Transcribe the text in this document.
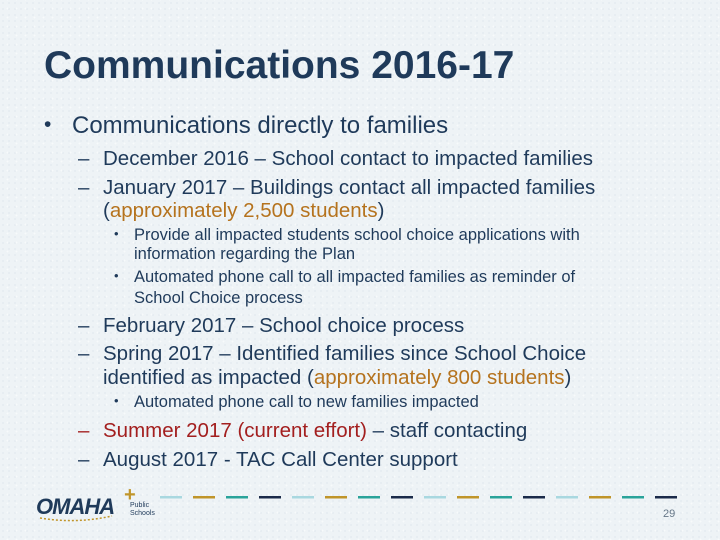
Communications 2016-17
• Communications directly to families
– December 2016 – School contact to impacted families
– January 2017 – Buildings contact all impacted families
(approximately 2,500 students)
• Provide all impacted students school choice applications with
information regarding the Plan
• Automated phone call to all impacted families as reminder of
School Choice process
– February 2017 – School choice process
– Spring 2017 – Identified families since School Choice
identified as impacted (approximately 800 students)
• Automated phone call to new families impacted
– Summer 2017 (current effort) – staff contacting
– August 2017 - TAC Call Center support
OMAHA +
Public
Schools	29
